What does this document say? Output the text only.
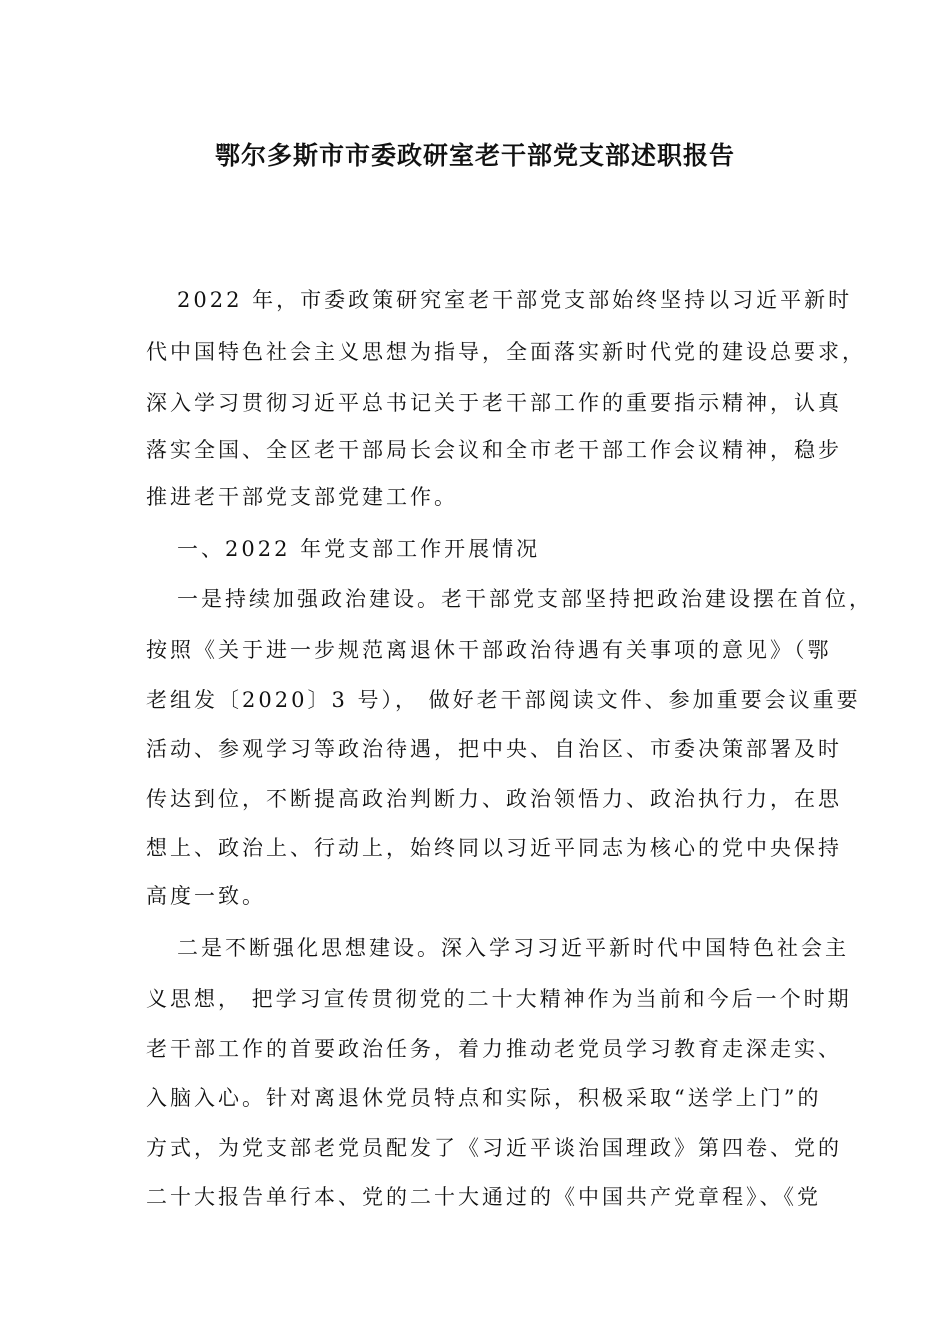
鄂尔多斯市市委政研室老干部党支部述职报告
2022 年，市委政策研究室老干部党支部始终坚持以习近平新时
代中国特色社会主义思想为指导，全面落实新时代党的建设总要求，
深入学习贯彻习近平总书记关于老干部工作的重要指示精神，认真
落实全国、全区老干部局长会议和全市老干部工作会议精神，稳步
推进老干部党支部党建工作。
一、2022 年党支部工作开展情况
一是持续加强政治建设。老干部党支部坚持把政治建设摆在首位，
按照《关于进一步规范离退休干部政治待遇有关事项的意见》（鄂
老组发〔2020〕3 号）， 做好老干部阅读文件、参加重要会议重要
活动、参观学习等政治待遇，把中央、自治区、市委决策部署及时
传达到位，不断提高政治判断力、政治领悟力、政治执行力，在思
想上、政治上、行动上，始终同以习近平同志为核心的党中央保持
高度一致。
二是不断强化思想建设。深入学习习近平新时代中国特色社会主
义思想， 把学习宣传贯彻党的二十大精神作为当前和今后一个时期
老干部工作的首要政治任务，着力推动老党员学习教育走深走实、
入脑入心。针对离退休党员特点和实际，积极采取“送学上门”的
方式，为党支部老党员配发了《习近平谈治国理政》第四卷、党的
二十大报告单行本、党的二十大通过的《中国共产党章程》、《党
